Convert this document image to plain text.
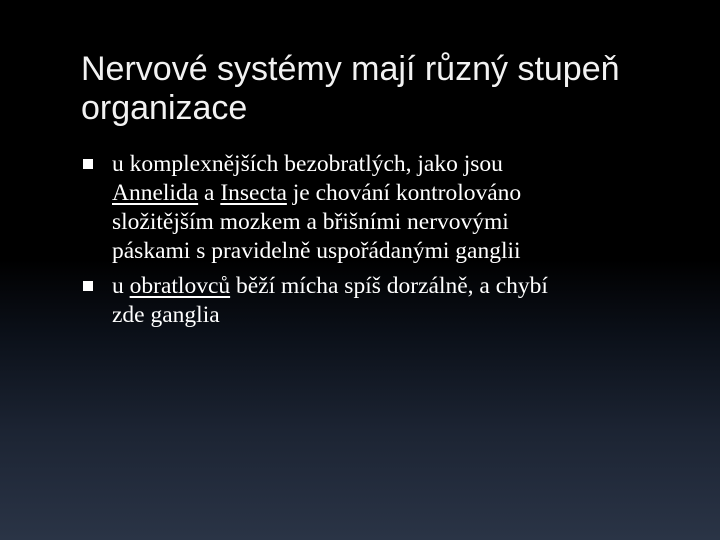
Nervové systémy mají různý stupeň
organizace
u komplexnějších bezobratlých, jako jsou
Annelida a Insecta je chování kontrolováno
složitějším mozkem a břišními nervovými
páskami s pravidelně uspořádanými ganglii
u obratlovců běží mícha spíš dorzálně, a chybí
zde ganglia
